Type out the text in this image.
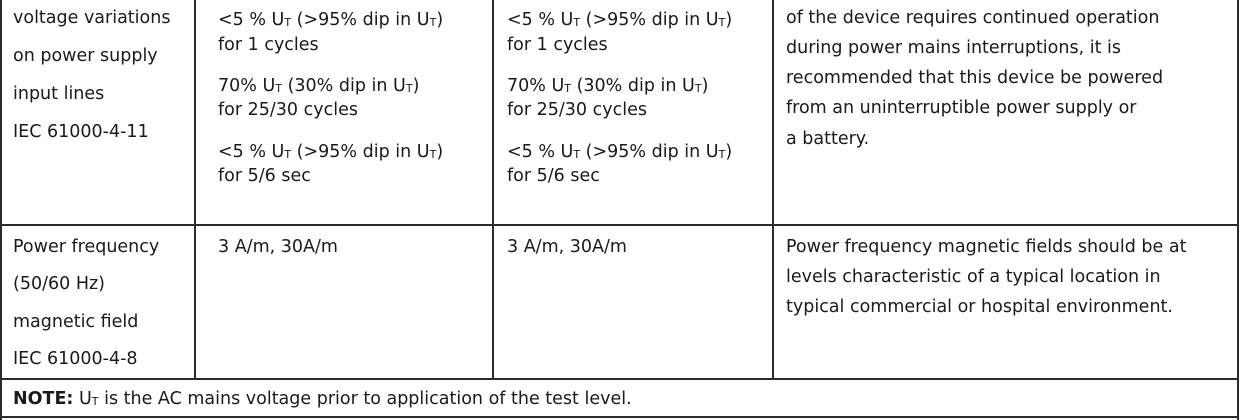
voltage variations
on power supply
input lines
IEC 61000-4-11
<5 % $U_T$ (>95% dip in $U_T$)
for 1 cycles
70% $U_T$ (30% dip in $U_T$)
for 25/30 cycles
<5 % $U_T$ (>95% dip in $U_T$)
for 5/6 sec
<5 % $U_T$ (>95% dip in $U_T$)
for 1 cycles
70% $U_T$ (30% dip in $U_T$)
for 25/30 cycles
<5 % $U_T$ (>95% dip in $U_T$)
for 5/6 sec
of the device requires continued operation
during power mains interruptions, it is
recommended that this device be powered
from an uninterruptible power supply or
a battery.
Power frequency
(50/60 Hz)
magnetic field
IEC 61000-4-8
3 A/m, 30A/m	3 A/m, 30A/m	Power frequency magnetic fields should be at
levels characteristic of a typical location in
typical commercial or hospital environment.
NOTE: $U_T$ is the AC mains voltage prior to application of the test level.
